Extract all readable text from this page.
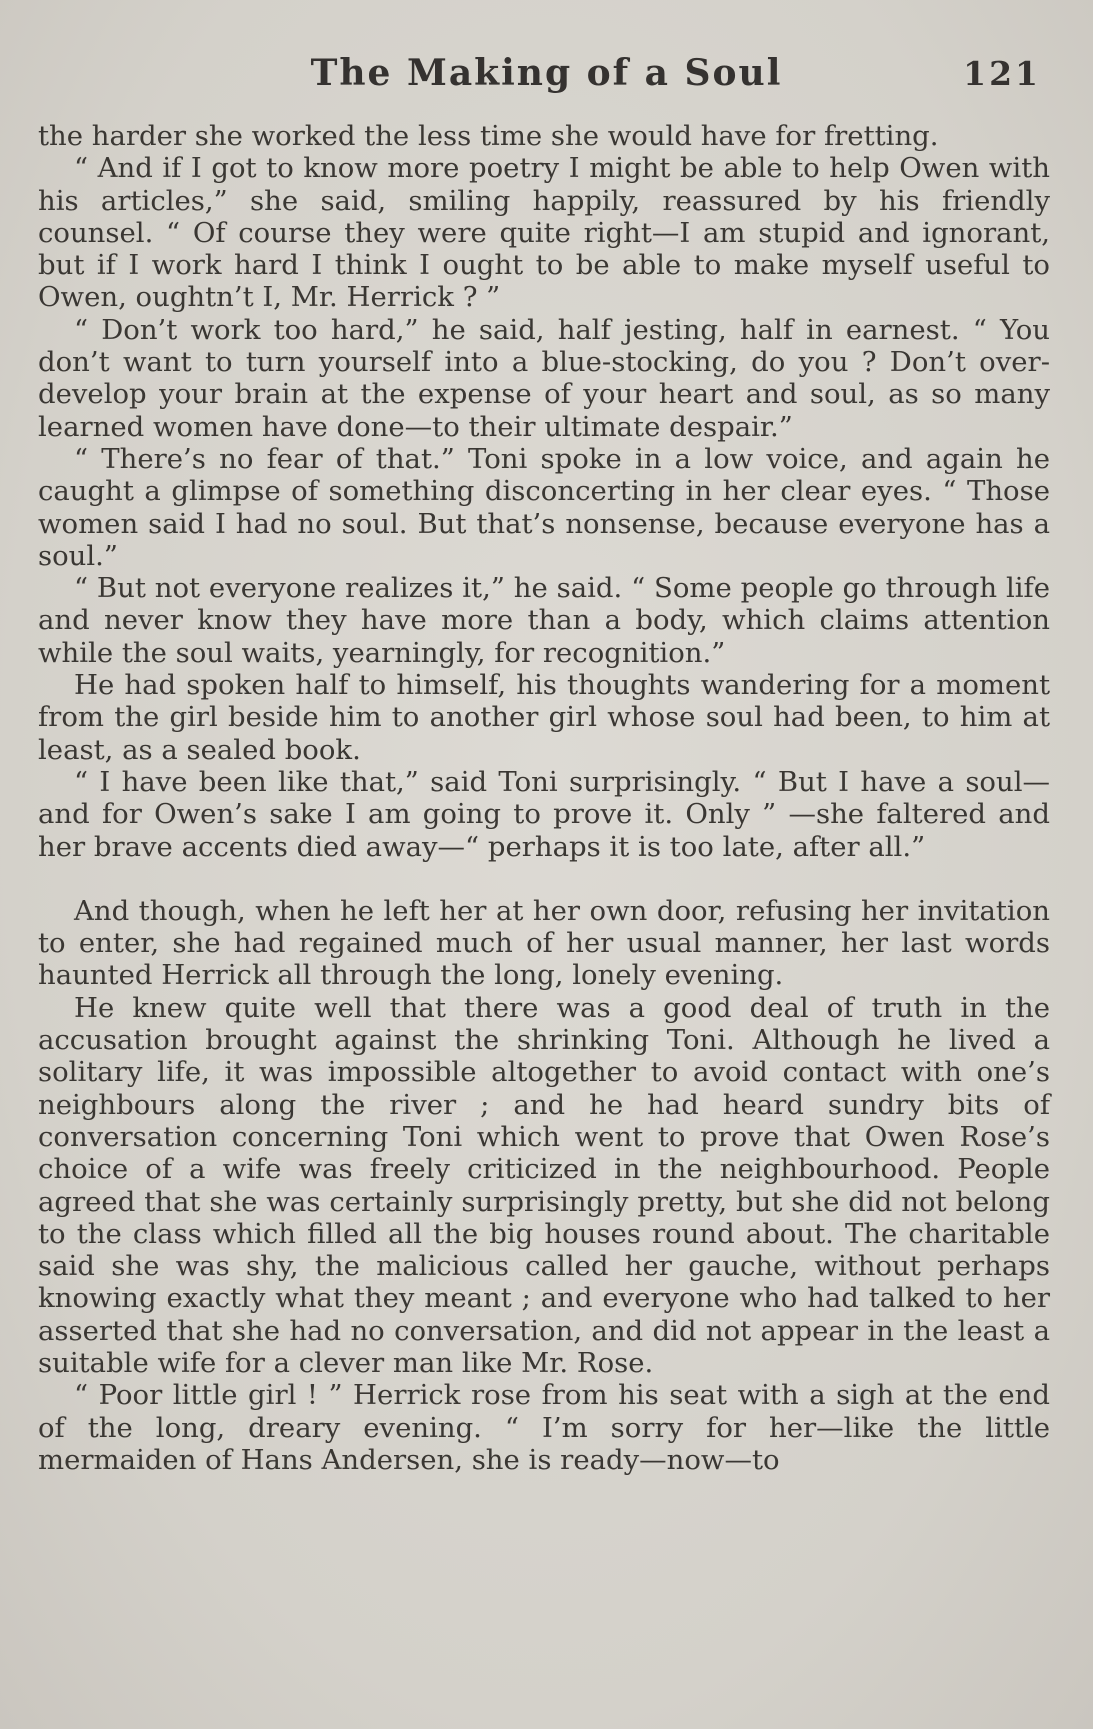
The Making of a Soul	121

the harder she worked the less time she would have for fretting.

“ And if I got to know more poetry I might be able to help Owen with his articles,” she said, smiling happily, reassured by his friendly counsel. “ Of course they were quite right—I am stupid and ignorant, but if I work hard I think I ought to be able to make myself useful to Owen, oughtn’t I, Mr. Herrick ? ”

“ Don’t work too hard,” he said, half jesting, half in earnest. “ You don’t want to turn yourself into a blue-stocking, do you ? Don’t over-develop your brain at the expense of your heart and soul, as so many learned women have done—to their ultimate despair.”

“ There’s no fear of that.” Toni spoke in a low voice, and again he caught a glimpse of something disconcerting in her clear eyes. “ Those women said I had no soul. But that’s nonsense, because everyone has a soul.”

“ But not everyone realizes it,” he said. “ Some people go through life and never know they have more than a body, which claims attention while the soul waits, yearningly, for recognition.”

He had spoken half to himself, his thoughts wandering for a moment from the girl beside him to another girl whose soul had been, to him at least, as a sealed book.

“ I have been like that,” said Toni surprisingly. “ But I have a soul—and for Owen’s sake I am going to prove it. Only ” —she faltered and her brave accents died away—“ perhaps it is too late, after all.”

And though, when he left her at her own door, refusing her invitation to enter, she had regained much of her usual manner, her last words haunted Herrick all through the long, lonely evening.

He knew quite well that there was a good deal of truth in the accusation brought against the shrinking Toni. Although he lived a solitary life, it was impossible altogether to avoid contact with one’s neighbours along the river ; and he had heard sundry bits of conversation concerning Toni which went to prove that Owen Rose’s choice of a wife was freely criticized in the neighbourhood. People agreed that she was certainly surprisingly pretty, but she did not belong to the class which filled all the big houses round about. The charitable said she was shy, the malicious called her gauche, without perhaps knowing exactly what they meant ; and everyone who had talked to her asserted that she had no conversation, and did not appear in the least a suitable wife for a clever man like Mr. Rose.

“ Poor little girl ! ” Herrick rose from his seat with a sigh at the end of the long, dreary evening. “ I’m sorry for her—like the little mermaiden of Hans Andersen, she is ready—now—to
